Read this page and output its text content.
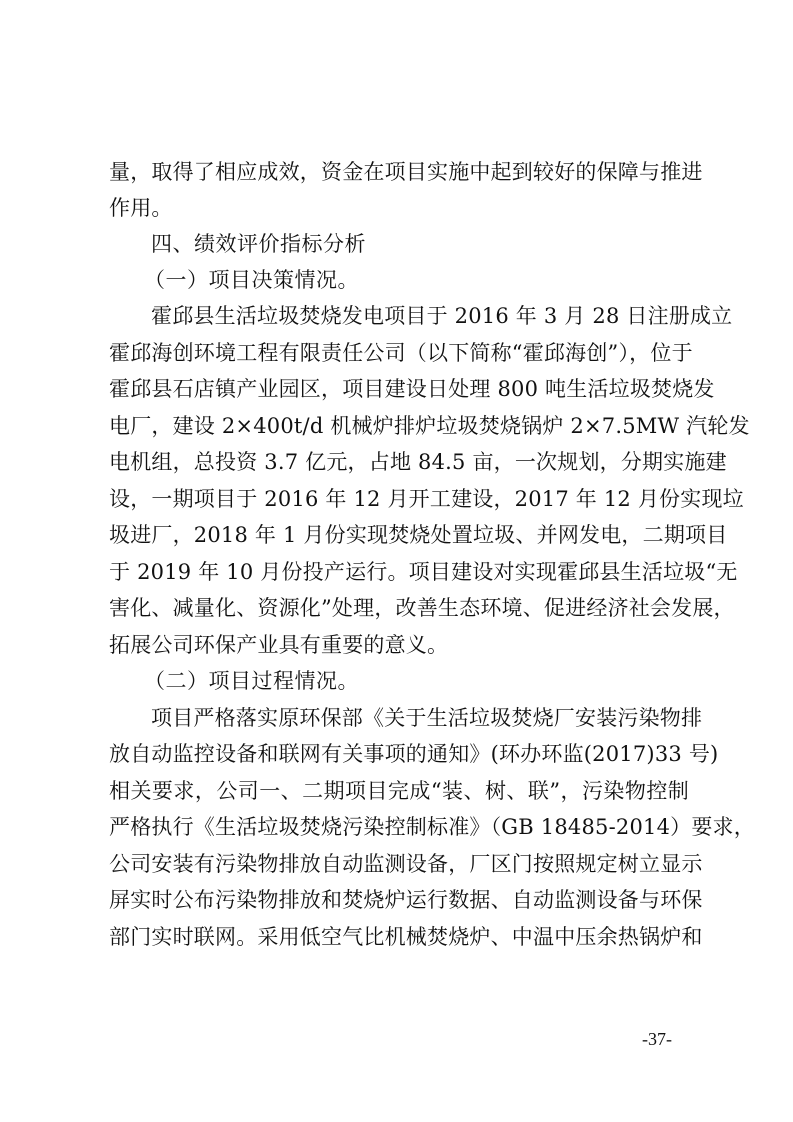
量，取得了相应成效，资金在项目实施中起到较好的保障与推进
作用。
四、绩效评价指标分析
（一）项目决策情况。
霍邱县生活垃圾焚烧发电项目于 2016 年 3 月 28 日注册成立
霍邱海创环境工程有限责任公司（以下简称“霍邱海创”），位于
霍邱县石店镇产业园区，项目建设日处理 800 吨生活垃圾焚烧发
电厂，建设 2×400t/d 机械炉排炉垃圾焚烧锅炉 2×7.5MW 汽轮发
电机组，总投资 3.7 亿元，占地 84.5 亩，一次规划，分期实施建
设，一期项目于 2016 年 12 月开工建设，2017 年 12 月份实现垃
圾进厂，2018 年 1 月份实现焚烧处置垃圾、并网发电，二期项目
于 2019 年 10 月份投产运行。项目建设对实现霍邱县生活垃圾“无
害化、减量化、资源化”处理，改善生态环境、促进经济社会发展，
拓展公司环保产业具有重要的意义。
（二）项目过程情况。
项目严格落实原环保部《关于生活垃圾焚烧厂安装污染物排
放自动监控设备和联网有关事项的通知》(环办环监(2017)33 号)
相关要求，公司一、二期项目完成“装、树、联”，污染物控制
严格执行《生活垃圾焚烧污染控制标准》（GB 18485-2014）要求，
公司安装有污染物排放自动监测设备，厂区门按照规定树立显示
屏实时公布污染物排放和焚烧炉运行数据、自动监测设备与环保
部门实时联网。采用低空气比机械焚烧炉、中温中压余热锅炉和
-37-
